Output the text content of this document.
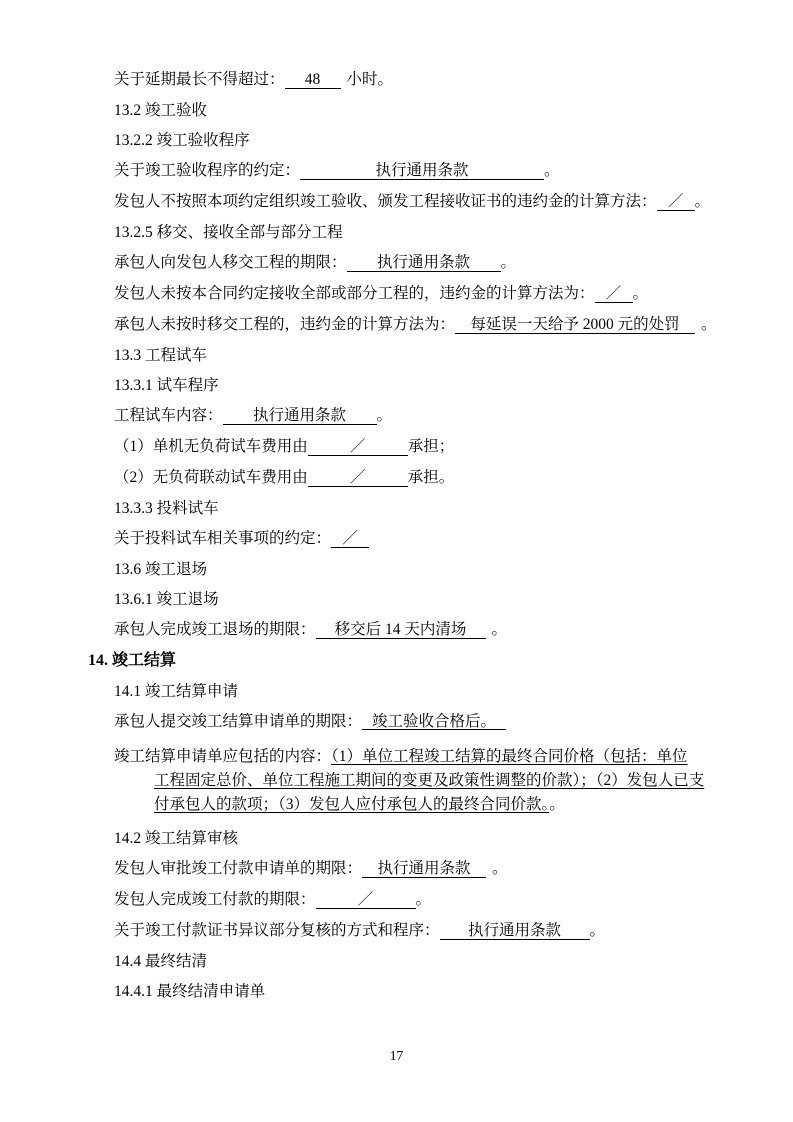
关于延期最长不得超过： 48 小时。

13.2 竣工验收

13.2.2 竣工验收程序

关于竣工验收程序的约定：	执行通用条款	。

发包人不按照本项约定组织竣工验收、颁发工程接收证书的违约金的计算方法： ／ 。

13.2.5 移交、接收全部与部分工程

承包人向发包人移交工程的期限： 执行通用条款 。

发包人未按本合同约定接收全部或部分工程的，违约金的计算方法为： ／ 。

承包人未按时移交工程的，违约金的计算方法为： 每延误一天给予 2000 元的处罚 。

13.3 工程试车

13.3.1 试车程序

工程试车内容： 执行通用条款 。

（1）单机无负荷试车费用由	／	承担；

（2）无负荷联动试车费用由	／	承担。

13.3.3 投料试车

关于投料试车相关事项的约定： ／

13.6 竣工退场

13.6.1 竣工退场

承包人完成竣工退场的期限： 移交后 14 天内清场 。

14. 竣工结算

14.1 竣工结算申请

承包人提交竣工结算申请单的期限： 竣工验收合格后。

竣工结算申请单应包括的内容：（1）单位工程竣工结算的最终合同价格（包括：单位
工程固定总价、单位工程施工期间的变更及政策性调整的价款）；（2）发包人已支
付承包人的款项；（3）发包人应付承包人的最终合同价款。。

14.2 竣工结算审核

发包人审批竣工付款申请单的期限： 执行通用条款 。

发包人完成竣工付款的期限：	／	。

关于竣工付款证书异议部分复核的方式和程序： 执行通用条款 。

14.4 最终结清

14.4.1 最终结清申请单

17
